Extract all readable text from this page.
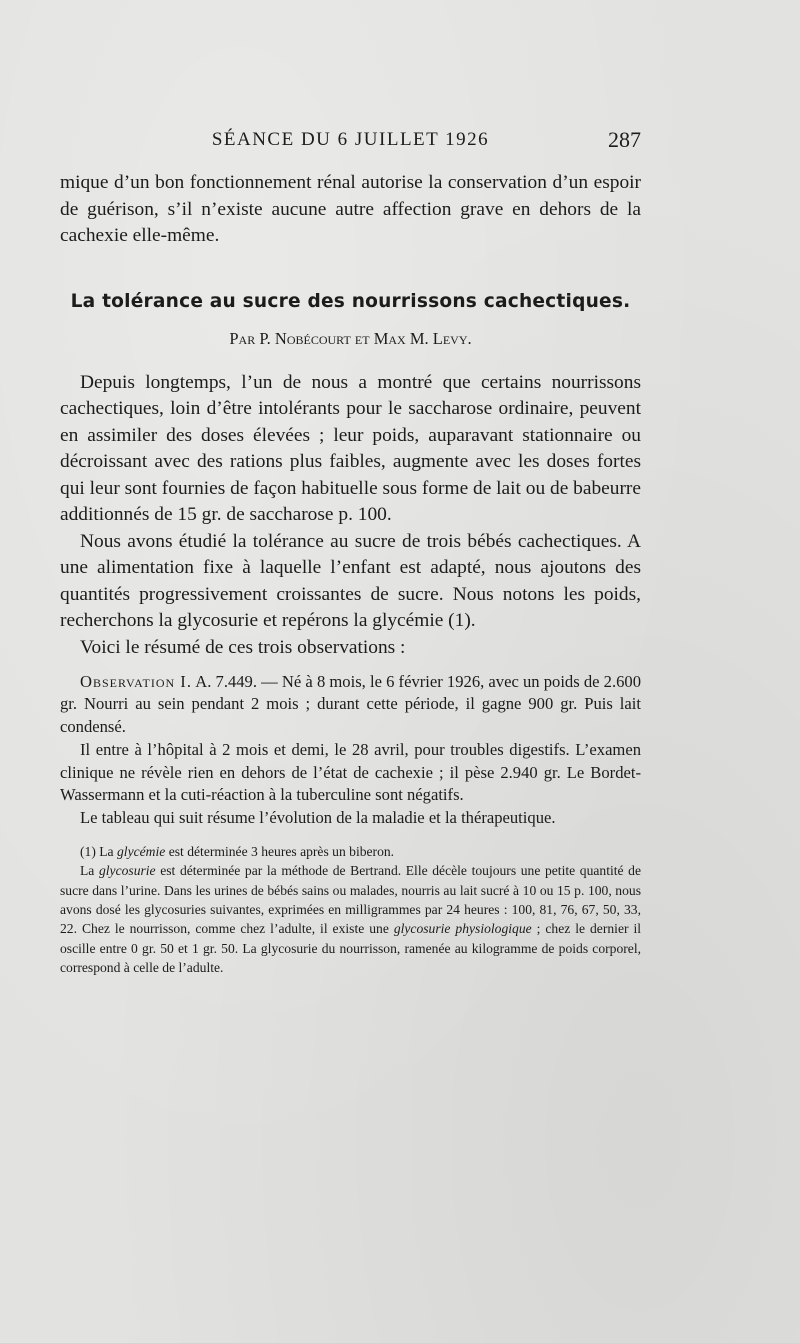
SÉANCE DU 6 JUILLET 1926	287

mique d’un bon fonctionnement rénal autorise la conservation d’un espoir de guérison, s’il n’existe aucune autre affection grave en dehors de la cachexie elle-même.

La tolérance au sucre des nourrissons cachectiques.

Par P. Nobécourt et Max M. Levy.

Depuis longtemps, l’un de nous a montré que certains nourrissons cachectiques, loin d’être intolérants pour le saccharose ordinaire, peuvent en assimiler des doses élevées ; leur poids, auparavant stationnaire ou décroissant avec des rations plus faibles, augmente avec les doses fortes qui leur sont fournies de façon habituelle sous forme de lait ou de babeurre additionnés de 15 gr. de saccharose p. 100.

Nous avons étudié la tolérance au sucre de trois bébés cachectiques. A une alimentation fixe à laquelle l’enfant est adapté, nous ajoutons des quantités progressivement croissantes de sucre. Nous notons les poids, recherchons la glycosurie et repérons la glycémie (1).

Voici le résumé de ces trois observations :

Observation I. A. 7.449. — Né à 8 mois, le 6 février 1926, avec un poids de 2.600 gr. Nourri au sein pendant 2 mois ; durant cette période, il gagne 900 gr. Puis lait condensé.

Il entre à l’hôpital à 2 mois et demi, le 28 avril, pour troubles digestifs. L’examen clinique ne révèle rien en dehors de l’état de cachexie ; il pèse 2.940 gr. Le Bordet-Wassermann et la cuti-réaction à la tuberculine sont négatifs.

Le tableau qui suit résume l’évolution de la maladie et la thérapeutique.

(1) La glycémie est déterminée 3 heures après un biberon.

La glycosurie est déterminée par la méthode de Bertrand. Elle décèle toujours une petite quantité de sucre dans l’urine. Dans les urines de bébés sains ou malades, nourris au lait sucré à 10 ou 15 p. 100, nous avons dosé les glycosuries suivantes, exprimées en milligrammes par 24 heures : 100, 81, 76, 67, 50, 33, 22. Chez le nourrisson, comme chez l’adulte, il existe une glycosurie physiologique ; chez le dernier il oscille entre 0 gr. 50 et 1 gr. 50. La glycosurie du nourrisson, ramenée au kilogramme de poids corporel, correspond à celle de l’adulte.
